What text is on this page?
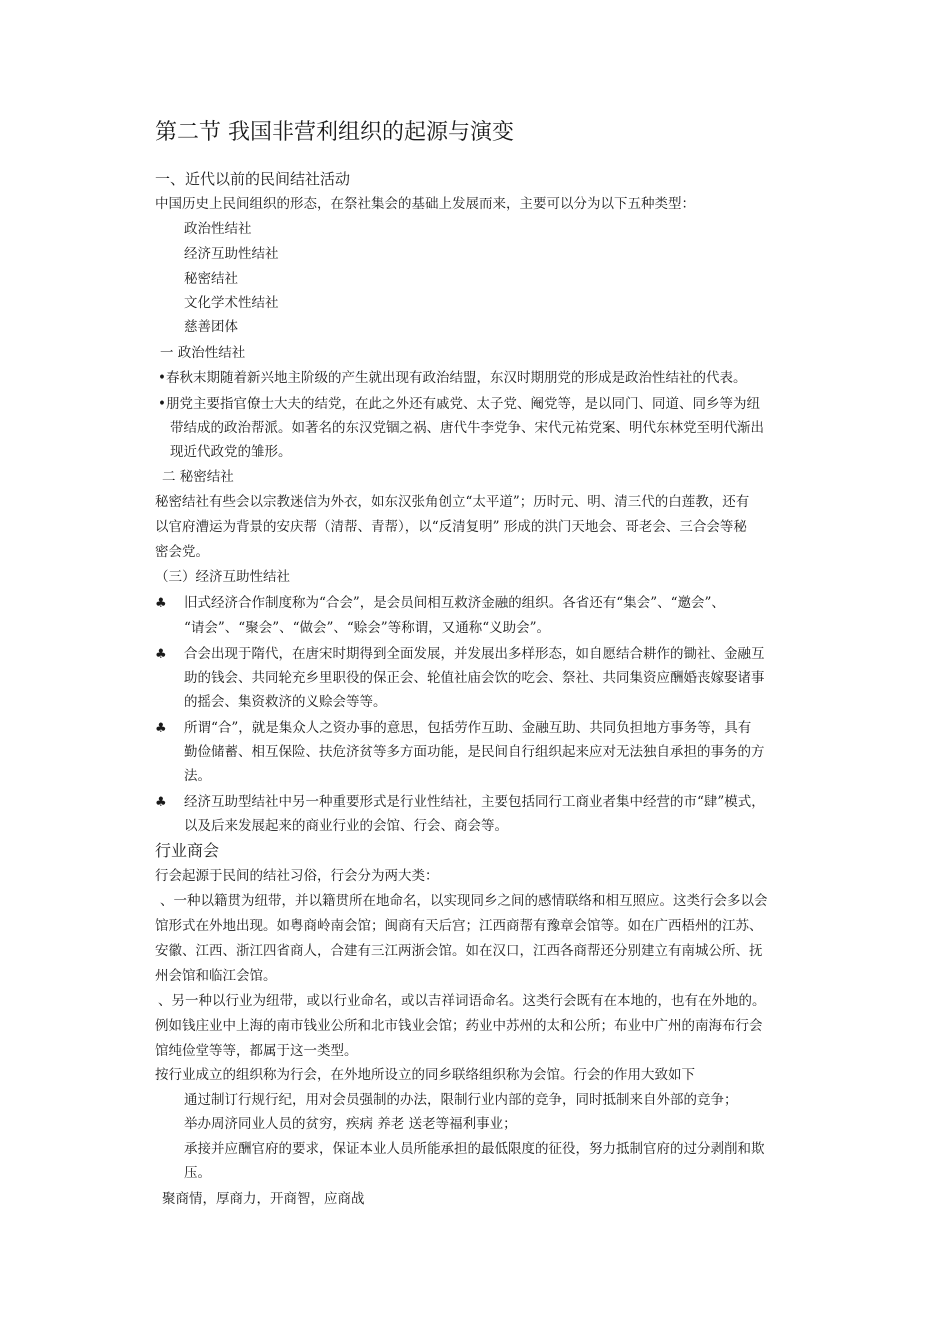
第二节 我国非营利组织的起源与演变
一、近代以前的民间结社活动
中国历史上民间组织的形态，在祭社集会的基础上发展而来，主要可以分为以下五种类型：
政治性结社
经济互助性结社
秘密结社
文化学术性结社
慈善团体
一 政治性结社
•春秋末期随着新兴地主阶级的产生就出现有政治结盟，东汉时期朋党的形成是政治性结社的代表。
•朋党主要指官僚士大夫的结党，在此之外还有戚党、太子党、阉党等，是以同门、同道、同乡等为纽
带结成的政治帮派。如著名的东汉党锢之祸、唐代牛李党争、宋代元祐党案、明代东林党至明代渐出
现近代政党的雏形。
二 秘密结社
秘密结社有些会以宗教迷信为外衣，如东汉张角创立“太平道”；历时元、明、清三代的白莲教，还有
以官府漕运为背景的安庆帮（清帮、青帮），以“反清复明” 形成的洪门天地会、哥老会、三合会等秘
密会党。
（三）经济互助性结社
♣ 旧式经济合作制度称为“合会”，是会员间相互救济金融的组织。各省还有“集会”、“邀会”、
“请会”、“聚会”、“做会”、“赊会”等称谓，又通称“义助会”。
♣ 合会出现于隋代，在唐宋时期得到全面发展，并发展出多样形态，如自愿结合耕作的锄社、金融互
助的钱会、共同轮充乡里职役的保正会、轮值社庙会饮的吃会、祭社、共同集资应酬婚丧嫁娶诸事
的摇会、集资救济的义赊会等等。
♣ 所谓“合”，就是集众人之资办事的意思，包括劳作互助、金融互助、共同负担地方事务等，具有
勤俭储蓄、相互保险、扶危济贫等多方面功能，是民间自行组织起来应对无法独自承担的事务的方
法。
♣ 经济互助型结社中另一种重要形式是行业性结社，主要包括同行工商业者集中经营的市“肆”模式，
以及后来发展起来的商业行业的会馆、行会、商会等。
行业商会
行会起源于民间的结社习俗，行会分为两大类：
、一种以籍贯为纽带，并以籍贯所在地命名，以实现同乡之间的感情联络和相互照应。这类行会多以会
馆形式在外地出现。如粤商岭南会馆；闽商有天后宫；江西商帮有豫章会馆等。如在广西梧州的江苏、
安徽、江西、浙江四省商人，合建有三江两浙会馆。如在汉口，江西各商帮还分别建立有南城公所、抚
州会馆和临江会馆。
、另一种以行业为纽带，或以行业命名，或以吉祥词语命名。这类行会既有在本地的，也有在外地的。
例如钱庄业中上海的南市钱业公所和北市钱业会馆；药业中苏州的太和公所；布业中广州的南海布行会
馆纯俭堂等等，都属于这一类型。
按行业成立的组织称为行会，在外地所设立的同乡联络组织称为会馆。行会的作用大致如下
通过制订行规行纪，用对会员强制的办法，限制行业内部的竞争，同时抵制来自外部的竞争；
举办周济同业人员的贫穷，疾病 养老 送老等福利事业；
承接并应酬官府的要求，保证本业人员所能承担的最低限度的征役，努力抵制官府的过分剥削和欺
压。
聚商情，厚商力，开商智，应商战
